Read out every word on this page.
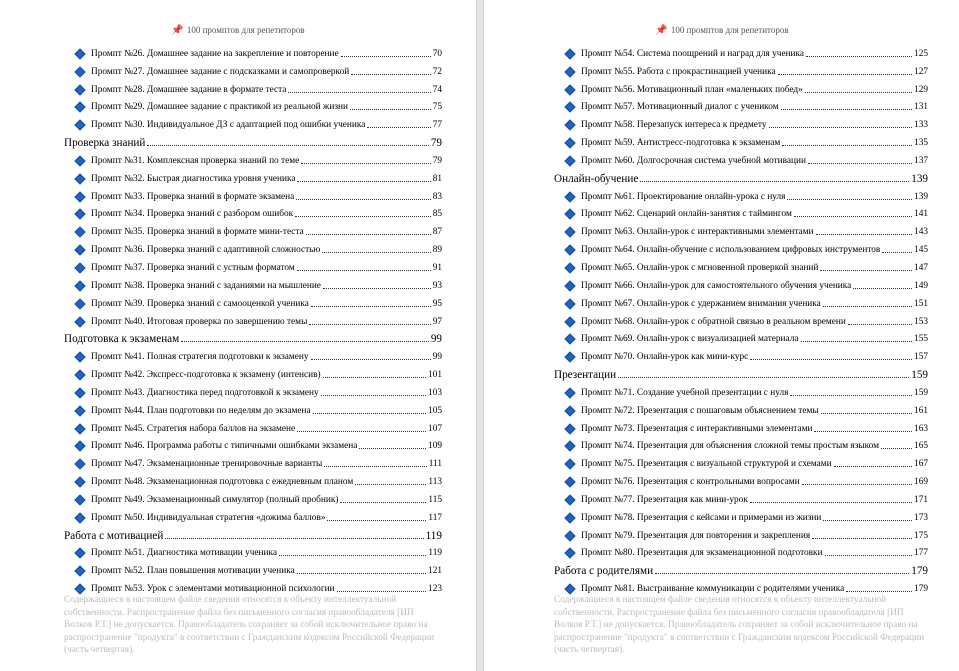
📌 100 промптов для репетиторов
Промпт №26. Домашнее задание на закрепление и повторение	70
Промпт №27. Домашнее задание с подсказками и самопроверкой	72
Промпт №28. Домашнее задание в формате теста	74
Промпт №29. Домашнее задание с практикой из реальной жизни	75
Промпт №30. Индивидуальное ДЗ с адаптацией под ошибки ученика	77
Проверка знаний	79
Промпт №31. Комплексная проверка знаний по теме	79
Промпт №32. Быстрая диагностика уровня ученика	81
Промпт №33. Проверка знаний в формате экзамена	83
Промпт №34. Проверка знаний с разбором ошибок	85
Промпт №35. Проверка знаний в формате мини-теста	87
Промпт №36. Проверка знаний с адаптивной сложностью	89
Промпт №37. Проверка знаний с устным форматом	91
Промпт №38. Проверка знаний с заданиями на мышление	93
Промпт №39. Проверка знаний с самооценкой ученика	95
Промпт №40. Итоговая проверка по завершению темы	97
Подготовка к экзаменам	99
Промпт №41. Полная стратегия подготовки к экзамену	99
Промпт №42. Экспресс-подготовка к экзамену (интенсив)	101
Промпт №43. Диагностика перед подготовкой к экзамену	103
Промпт №44. План подготовки по неделям до экзамена	105
Промпт №45. Стратегия набора баллов на экзамене	107
Промпт №46. Программа работы с типичными ошибками экзамена	109
Промпт №47. Экзаменационные тренировочные варианты	111
Промпт №48. Экзаменационная подготовка с ежедневным планом	113
Промпт №49. Экзаменационный симулятор (полный пробник)	115
Промпт №50. Индивидуальная стратегия «дожима баллов»	117
Работа с мотивацией	119
Промпт №51. Диагностика мотивации ученика	119
Промпт №52. План повышения мотивации ученика	121
Промпт №53. Урок с элементами мотивационной психологии	123
Содержащиеся в настоящем файле сведения относятся к объекту интеллектуальной собственности. Распространение файла без письменного согласия правообладателя [ИП Волков Р.Т.] не допускается. Правообладатель сохраняет за собой исключительное право на распространение "продукта" в соответствии с Гражданским кодексом Российской Федерации (часть четвертая).
📌 100 промптов для репетиторов
Промпт №54. Система поощрений и наград для ученика	125
Промпт №55. Работа с прокрастинацией ученика	127
Промпт №56. Мотивационный план «маленьких побед»	129
Промпт №57. Мотивационный диалог с учеником	131
Промпт №58. Перезапуск интереса к предмету	133
Промпт №59. Антистресс-подготовка к экзаменам	135
Промпт №60. Долгосрочная система учебной мотивации	137
Онлайн-обучение	139
Промпт №61. Проектирование онлайн-урока с нуля	139
Промпт №62. Сценарий онлайн-занятия с таймингом	141
Промпт №63. Онлайн-урок с интерактивными элементами	143
Промпт №64. Онлайн-обучение с использованием цифровых инструментов	145
Промпт №65. Онлайн-урок с мгновенной проверкой знаний	147
Промпт №66. Онлайн-урок для самостоятельного обучения ученика	149
Промпт №67. Онлайн-урок с удержанием внимания ученика	151
Промпт №68. Онлайн-урок с обратной связью в реальном времени	153
Промпт №69. Онлайн-урок с визуализацией материала	155
Промпт №70. Онлайн-урок как мини-курс	157
Презентации	159
Промпт №71. Создание учебной презентации с нуля	159
Промпт №72. Презентация с пошаговым объяснением темы	161
Промпт №73. Презентация с интерактивными элементами	163
Промпт №74. Презентация для объяснения сложной темы простым языком	165
Промпт №75. Презентация с визуальной структурой и схемами	167
Промпт №76. Презентация с контрольными вопросами	169
Промпт №77. Презентация как мини-урок	171
Промпт №78. Презентация с кейсами и примерами из жизни	173
Промпт №79. Презентация для повторения и закрепления	175
Промпт №80. Презентация для экзаменационной подготовки	177
Работа с родителями	179
Промпт №81. Выстраивание коммуникации с родителями ученика	179
Содержащиеся в настоящем файле сведения относятся к объекту интеллектуальной собственности. Распространение файла без письменного согласия правообладателя [ИП Волков Р.Т.] не допускается. Правообладатель сохраняет за собой исключительное право на распространение "продукта" в соответствии с Гражданским кодексом Российской Федерации (часть четвертая).
